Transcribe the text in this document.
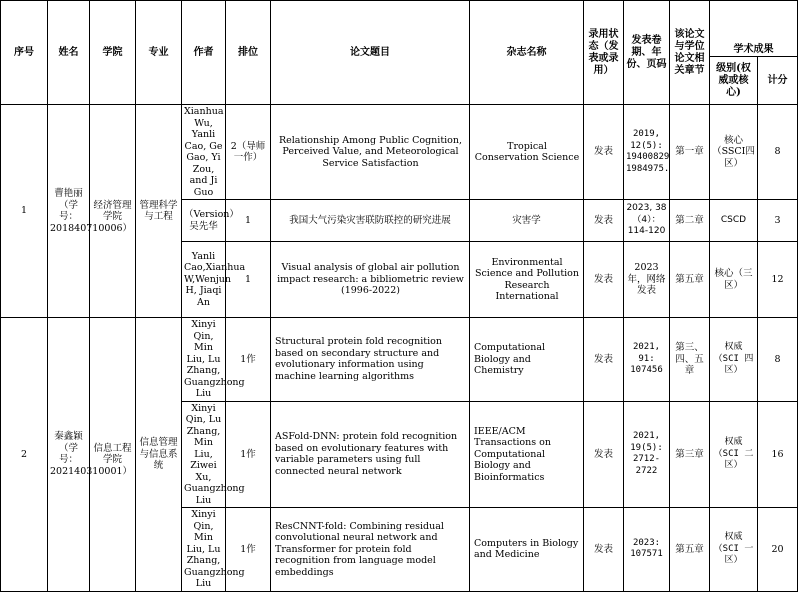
序号	姓名	学院	专业	作者	排位	论文题目	杂志名称	录用状态（发表或录用）	发表卷期、年份、页码	该论文与学位论文相关章节	学术成果	
											级别(权威或核心)	计分
1	曹艳丽（学号：201840710006）	经济管理学院	管理科学与工程	Xianhua Wu, Yanli Cao, Ge Gao, Yi Zou, and Ji Guo	2（导师一作）	Relationship Among Public Cognition, Perceived Value, and Meteorological Service Satisfaction	Tropical Conservation Science	发表	2019, 12(5): 19400829 1984975.	第一章	核心（SSCI四区）	8
				（Version）吴先华	1	我国大气污染灾害联防联控的研究进展	灾害学	发表	2023, 38（4）：114-120	第二章	CSCD	3
				Yanli Cao,Xianhua W,Wenjun H, Jiaqi An	1	Visual analysis of global air pollution impact research: a bibliometric review (1996-2022)	Environmental Science and Pollution Research International	发表	2023年，网络发表	第五章	核心（三区）	12
2	秦鑫颖（学号：202140310001）	信息工程学院	信息管理与信息系统	Xinyi Qin, Min Liu, Lu Zhang, Guangzhong Liu	1作	Structural protein fold recognition based on secondary structure and evolutionary information using machine learning algorithms	Computational Biology and Chemistry	发表	2021, 91: 107456	第三、四、五章	权威（SCI 四区）	8
				Xinyi Qin, Lu Zhang, Min Liu, Ziwei Xu, Guangzhong Liu	1作	ASFold-DNN: protein fold recognition based on evolutionary features with variable parameters using full connected neural network	IEEE/ACM Transactions on Computational Biology and Bioinformatics	发表	2021, 19(5): 2712-2722	第三章	权威（SCI 二区）	16
				Xinyi Qin, Min Liu, Lu Zhang, Guangzhong Liu	1作	ResCNNT-fold: Combining residual convolutional neural network and Transformer for protein fold recognition from language model embeddings	Computers in Biology and Medicine	发表	2023: 107571	第五章	权威（SCI 一区）	20
